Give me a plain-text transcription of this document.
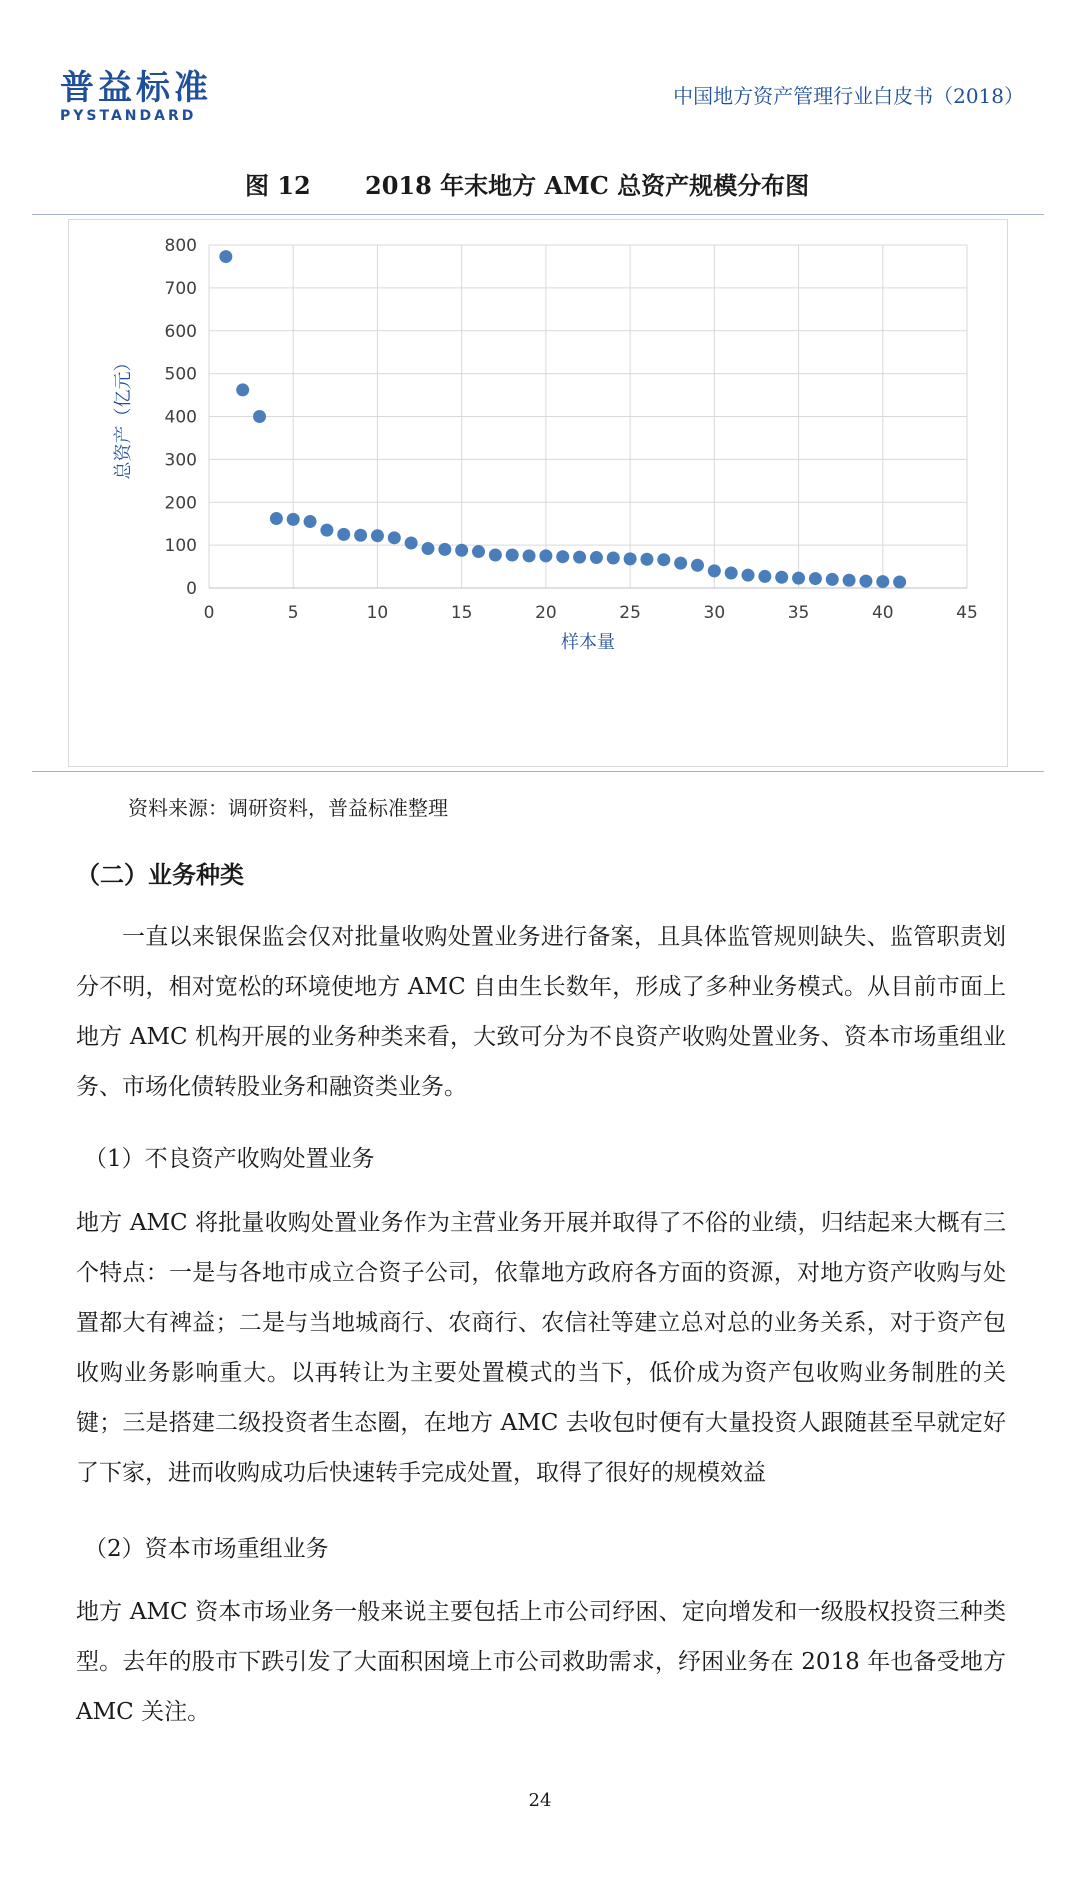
普益标准
PYSTANDARD
中国地方资产管理行业白皮书（2018）
图 12 2018 年末地方 AMC 总资产规模分布图
0
100
200
300
400
500
600
700
800
0	5	10	15	20	25	30	35	40	45
样本量
总资产（亿元）
资料来源：调研资料，普益标准整理
（二）业务种类
一直以来银保监会仅对批量收购处置业务进行备案，且具体监管规则缺失、监管职责划分不明，相对宽松的环境使地方 AMC 自由生长数年，形成了多种业务模式。从目前市面上地方 AMC 机构开展的业务种类来看，大致可分为不良资产收购处置业务、资本市场重组业务、市场化债转股业务和融资类业务。
（1）不良资产收购处置业务
地方 AMC 将批量收购处置业务作为主营业务开展并取得了不俗的业绩，归结起来大概有三个特点：一是与各地市成立合资子公司，依靠地方政府各方面的资源，对地方资产收购与处置都大有裨益；二是与当地城商行、农商行、农信社等建立总对总的业务关系，对于资产包收购业务影响重大。以再转让为主要处置模式的当下，低价成为资产包收购业务制胜的关键；三是搭建二级投资者生态圈，在地方 AMC 去收包时便有大量投资人跟随甚至早就定好了下家，进而收购成功后快速转手完成处置，取得了很好的规模效益
（2）资本市场重组业务
地方 AMC 资本市场业务一般来说主要包括上市公司纾困、定向增发和一级股权投资三种类型。去年的股市下跌引发了大面积困境上市公司救助需求，纾困业务在 2018 年也备受地方 AMC 关注。
24
